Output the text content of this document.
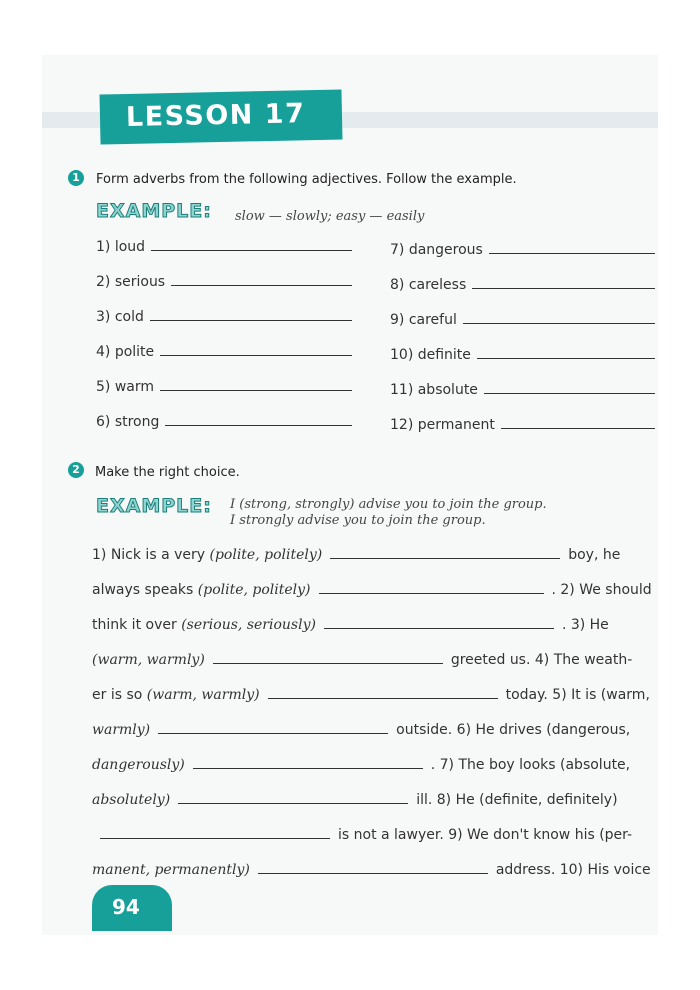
LESSON 17
1	Form adverbs from the following adjectives. Follow the example.
EXAMPLE: slow — slowly; easy — easily
1) loud
2) serious
3) cold
4) polite
5) warm
6) strong
7) dangerous
8) careless
9) careful
10) definite
11) absolute
12) permanent
2	Make the right choice.
EXAMPLE: I (strong, strongly) advise you to join the group.
I strongly advise you to join the group.
1) Nick is a very (polite, politely)	boy, he
always speaks (polite, politely)	. 2) We should
think it over (serious, seriously)	. 3) He
(warm, warmly)	greeted us. 4) The weath-
er is so (warm, warmly)	today. 5) It is (warm,
warmly)	outside. 6) He drives (dangerous,
dangerously)	. 7) The boy looks (absolute,
absolutely)	ill. 8) He (definite, definitely)
is not a lawyer. 9) We don't know his (per-
manent, permanently)	address. 10) His voice
94
